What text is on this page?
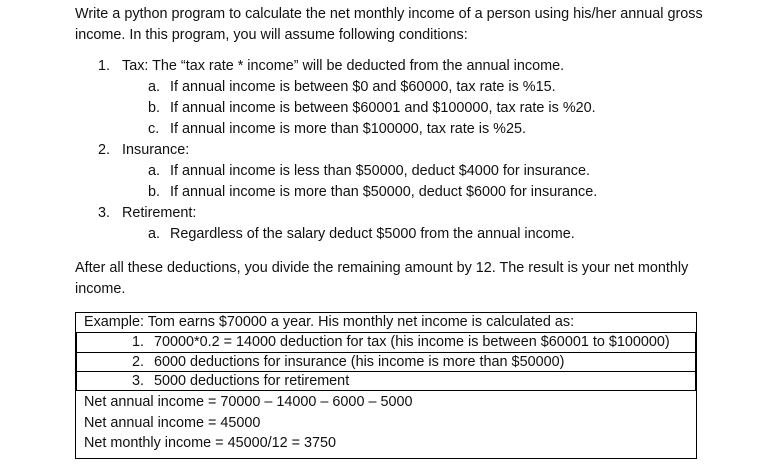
Write a python program to calculate the net monthly income of a person using his/her annual gross income. In this program, you will assume following conditions:

1. Tax: The “tax rate * income” will be deducted from the annual income.
a. If annual income is between $0 and $60000, tax rate is %15.
b. If annual income is between $60001 and $100000, tax rate is %20.
c. If annual income is more than $100000, tax rate is %25.
2. Insurance:
a. If annual income is less than $50000, deduct $4000 for insurance.
b. If annual income is more than $50000, deduct $6000 for insurance.
3. Retirement:
a. Regardless of the salary deduct $5000 from the annual income.

After all these deductions, you divide the remaining amount by 12. The result is your net monthly income.

Example: Tom earns $70000 a year. His monthly net income is calculated as:
1. 70000*0.2 = 14000 deduction for tax (his income is between $60001 to $100000)
2. 6000 deductions for insurance (his income is more than $50000)
3. 5000 deductions for retirement
Net annual income = 70000 – 14000 – 6000 – 5000
Net annual income = 45000
Net monthly income = 45000/12 = 3750
